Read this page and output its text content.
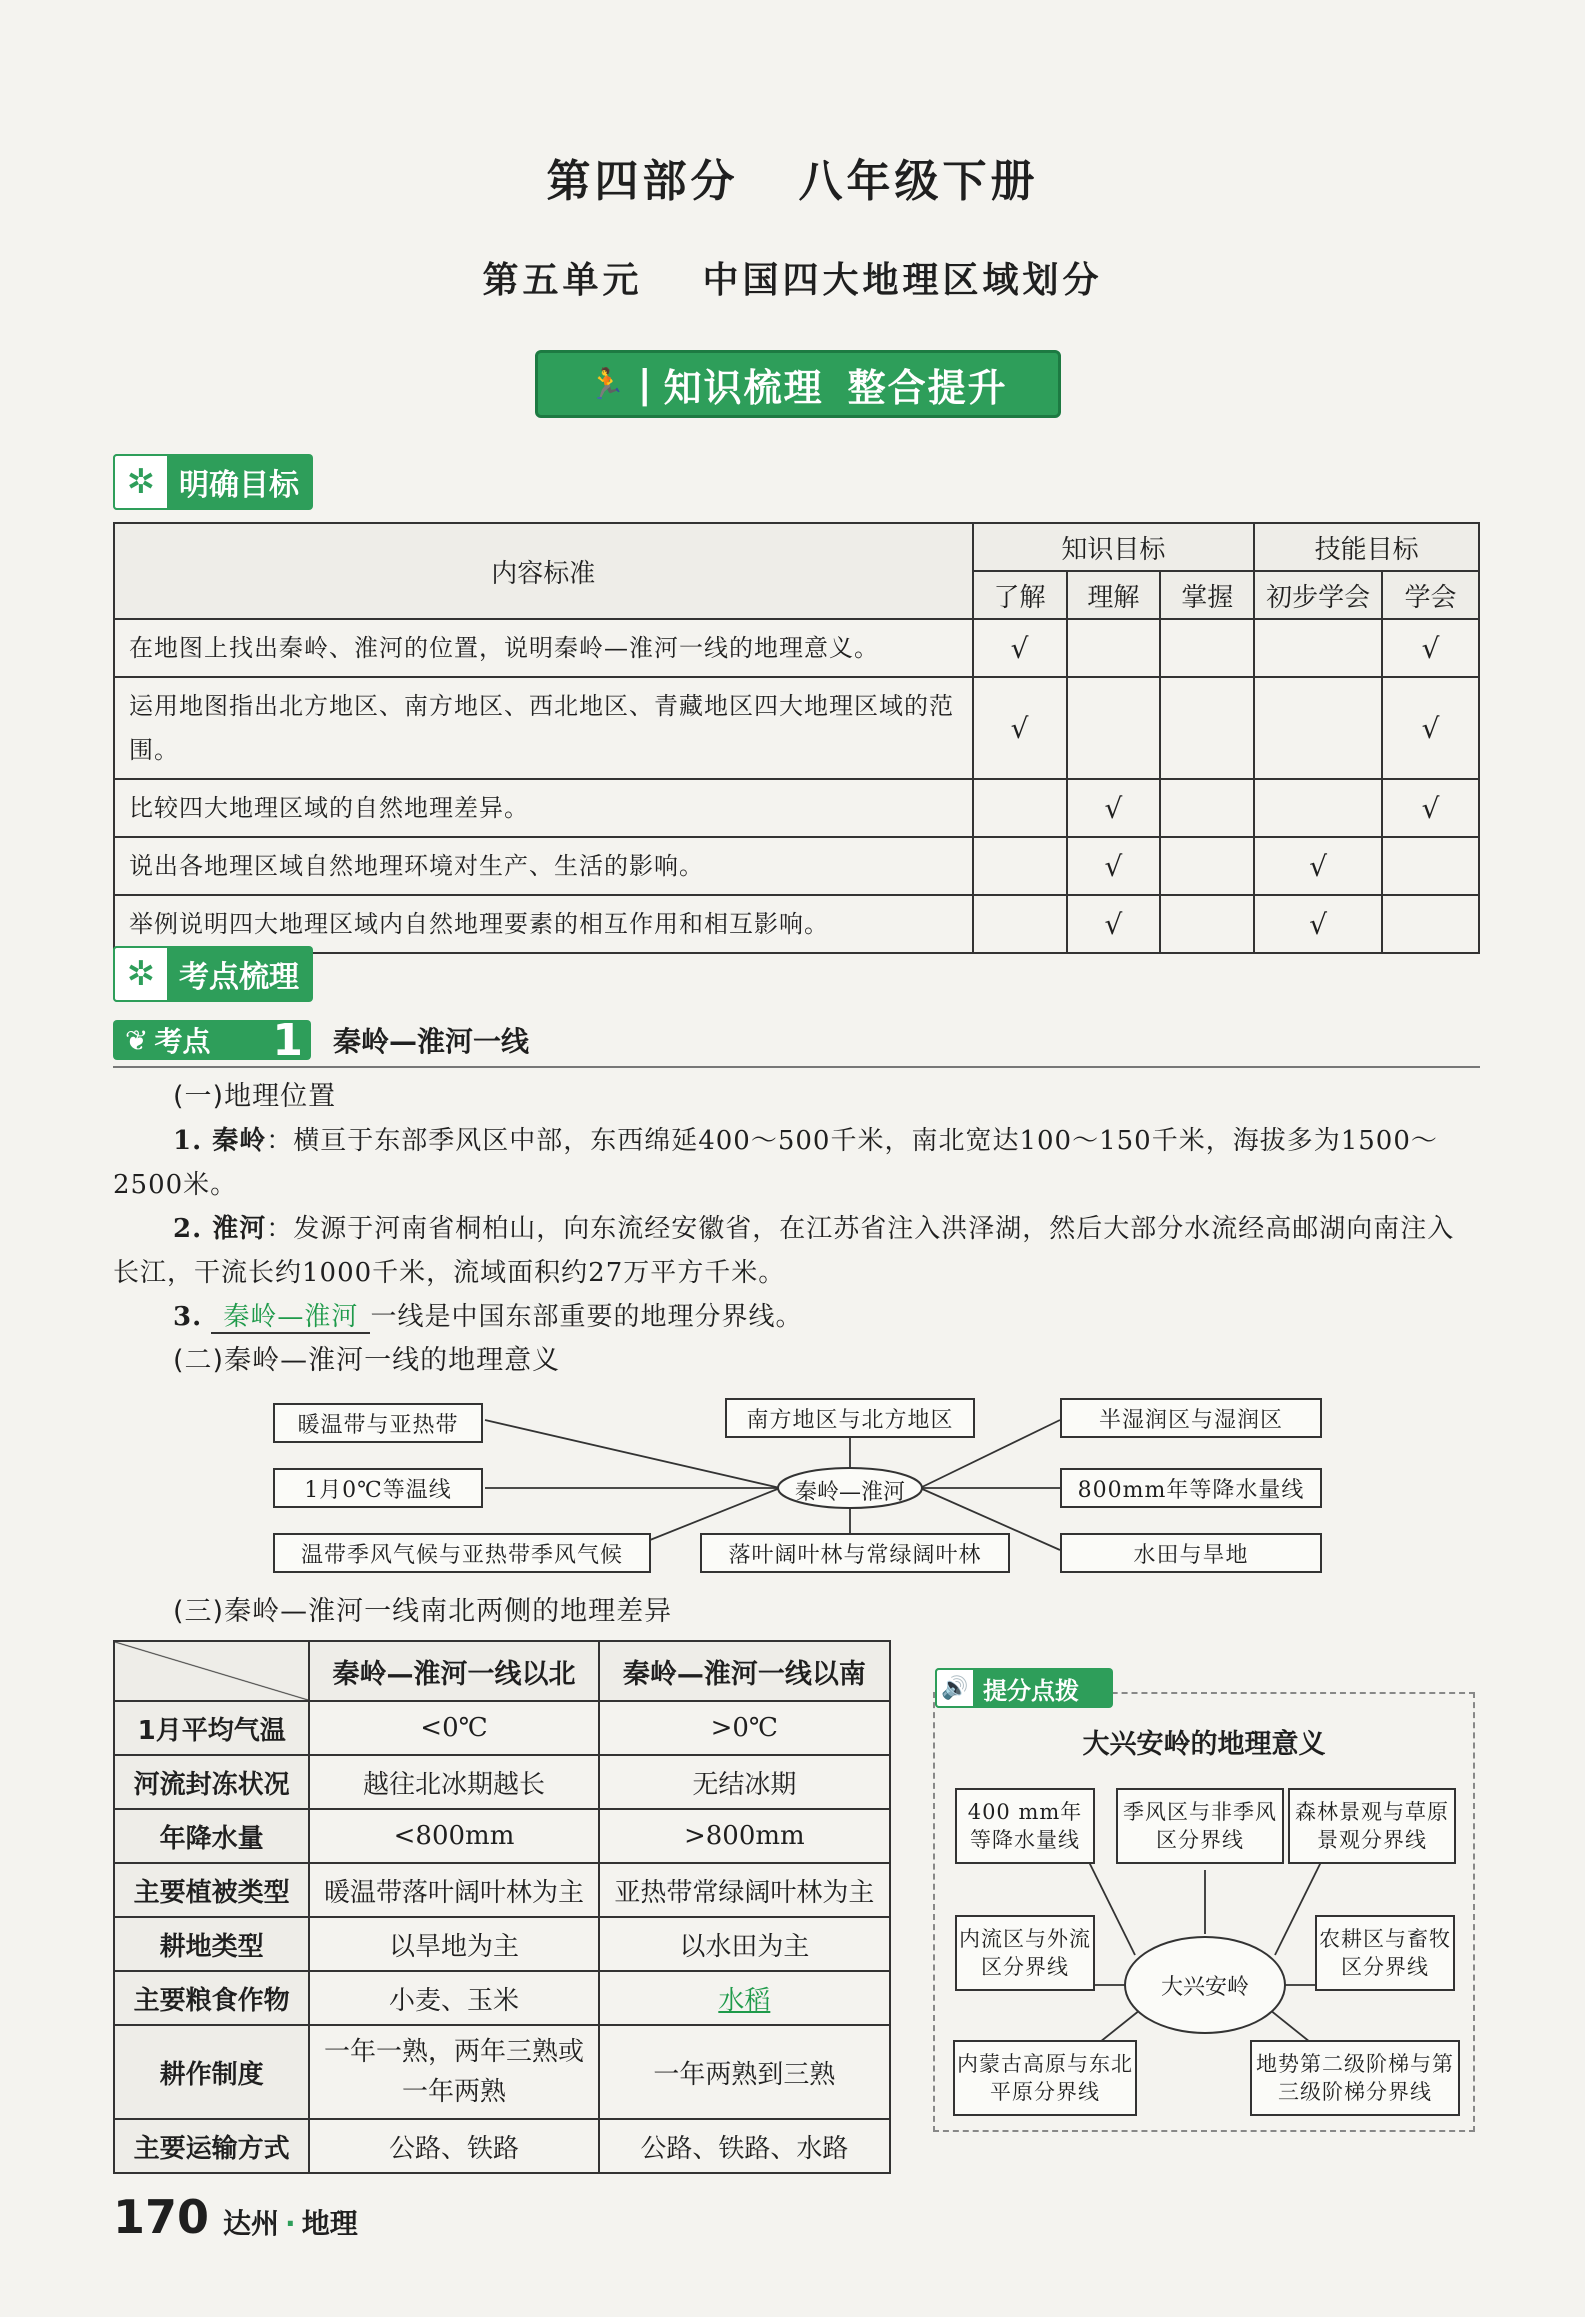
第四部分 八年级下册
第五单元 中国四大地理区域划分
🏃 | 知识梳理 整合提升
✲ 明确目标
内容标准	知识目标			技能目标	
	了解	理解	掌握	初步学会	学会
在地图上找出秦岭、淮河的位置，说明秦岭—淮河一线的地理意义。	√				√
运用地图指出北方地区、南方地区、西北地区、青藏地区四大地理区域的范围。	√				√
比较四大地理区域的自然地理差异。		√			√
说出各地理区域自然地理环境对生产、生活的影响。		√		√	
举例说明四大地理区域内自然地理要素的相互作用和相互影响。		√		√	
✲ 考点梳理
❦ 考点 1 秦岭—淮河一线
(一)地理位置
1. 秦岭：横亘于东部季风区中部，东西绵延400～500千米，南北宽达100～150千米，海拔多为1500～2500米。
2. 淮河：发源于河南省桐柏山，向东流经安徽省，在江苏省注入洪泽湖，然后大部分水流经高邮湖向南注入长江，干流长约1000千米，流域面积约27万平方千米。
3. 秦岭—淮河 一线是中国东部重要的地理分界线。
(二)秦岭—淮河一线的地理意义
秦岭—淮河
暖温带与亚热带
1月0℃等温线
温带季风气候与亚热带季风气候
南方地区与北方地区
落叶阔叶林与常绿阔叶林
半湿润区与湿润区
800mm年等降水量线
水田与旱地
(三)秦岭—淮河一线南北两侧的地理差异
	秦岭—淮河一线以北	秦岭—淮河一线以南
1月平均气温	<0℃	>0℃
河流封冻状况	越往北冰期越长	无结冰期
年降水量	<800mm	>800mm
主要植被类型	暖温带落叶阔叶林为主	亚热带常绿阔叶林为主
耕地类型	以旱地为主	以水田为主
主要粮食作物	小麦、玉米	水稻
耕作制度	一年一熟，两年三熟或一年两熟	一年两熟到三熟
主要运输方式	公路、铁路	公路、铁路、水路
🔊 提分点拨
大兴安岭的地理意义
大兴安岭
400 mm年等降水量线
季风区与非季风区分界线
森林景观与草原景观分界线
内流区与外流区分界线
农耕区与畜牧区分界线
内蒙古高原与东北平原分界线
地势第二级阶梯与第三级阶梯分界线
170 达州 · 地理
